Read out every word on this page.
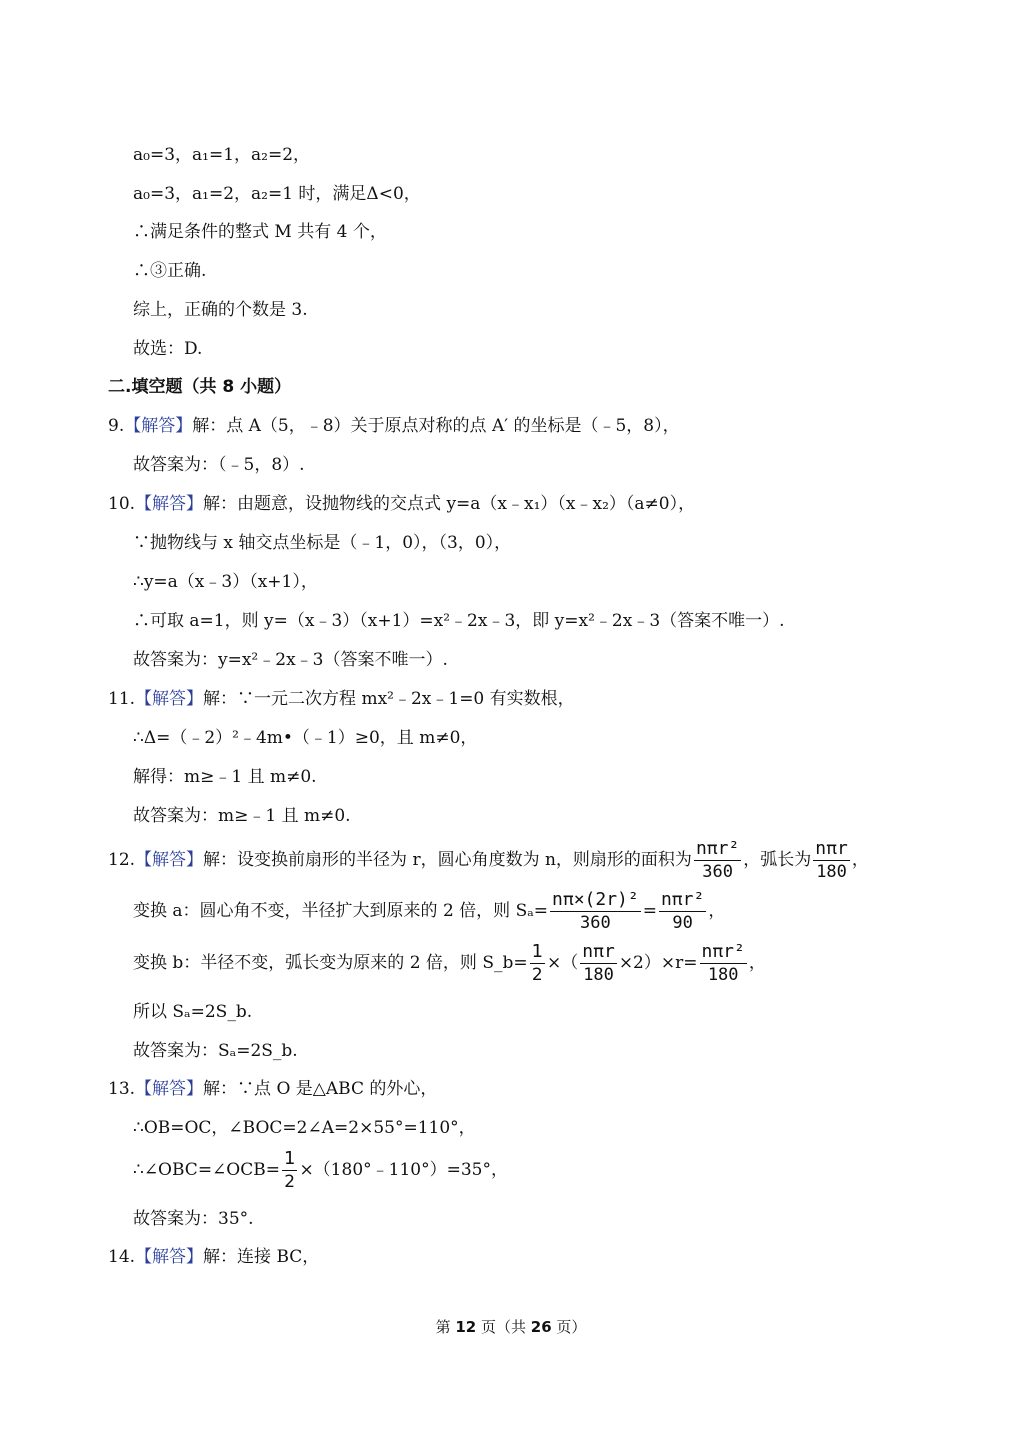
a₀=3，a₁=1，a₂=2，
a₀=3，a₁=2，a₂=1 时，满足Δ<0，
∴满足条件的整式 M 共有 4 个，
∴③正确.
综上，正确的个数是 3.
故选：D.
二.填空题（共 8 小题）
9.【解答】解：点 A（5，﹣8）关于原点对称的点 A′ 的坐标是（﹣5，8），
故答案为：（﹣5，8）.
10.【解答】解：由题意，设抛物线的交点式 y=a（x﹣x₁）（x﹣x₂）（a≠0），
∵抛物线与 x 轴交点坐标是（﹣1，0），（3，0），
∴y=a（x﹣3）（x+1），
∴可取 a=1，则 y=（x﹣3）（x+1）=x²﹣2x﹣3，即 y=x²﹣2x﹣3（答案不唯一）.
故答案为：y=x²﹣2x﹣3（答案不唯一）.
11.【解答】解：∵一元二次方程 mx²﹣2x﹣1=0 有实数根，
∴Δ=（﹣2）²﹣4m•（﹣1）≥0，且 m≠0，
解得：m≥﹣1 且 m≠0.
故答案为：m≥﹣1 且 m≠0.
12.【解答】解：设变换前扇形的半径为 r，圆心角度数为 n，则扇形的面积为 $\frac{\text{nπr²}}{360}$ ，弧长为 $\frac{\text{nπr}}{180}$ ，
变换 a：圆心角不变，半径扩大到原来的 2 倍，则 $S_a= \frac{\text{nπ×(2r)²}}{360} = \frac{\text{nπr²}}{90}$ ，
变换 b：半径不变，弧长变为原来的 2 倍，则 S_b= $\frac{1}{2}$ ×（ $\frac{\text{nπr}}{180} \times 2)\times r= \frac{\text{nπr²}}{180}$ ，
所以 Sₐ=2S_b.
故答案为：Sₐ=2S_b.
13.【解答】解：∵点 O 是△ABC 的外心，
∴OB=OC，∠BOC=2∠A=2×55°=110°，
∴∠OBC=∠OCB= $\frac{1}{2}$ ×（180°﹣110°）=35°，
故答案为：35°.
14.【解答】解：连接 BC，
第 12 页（共 26 页）
